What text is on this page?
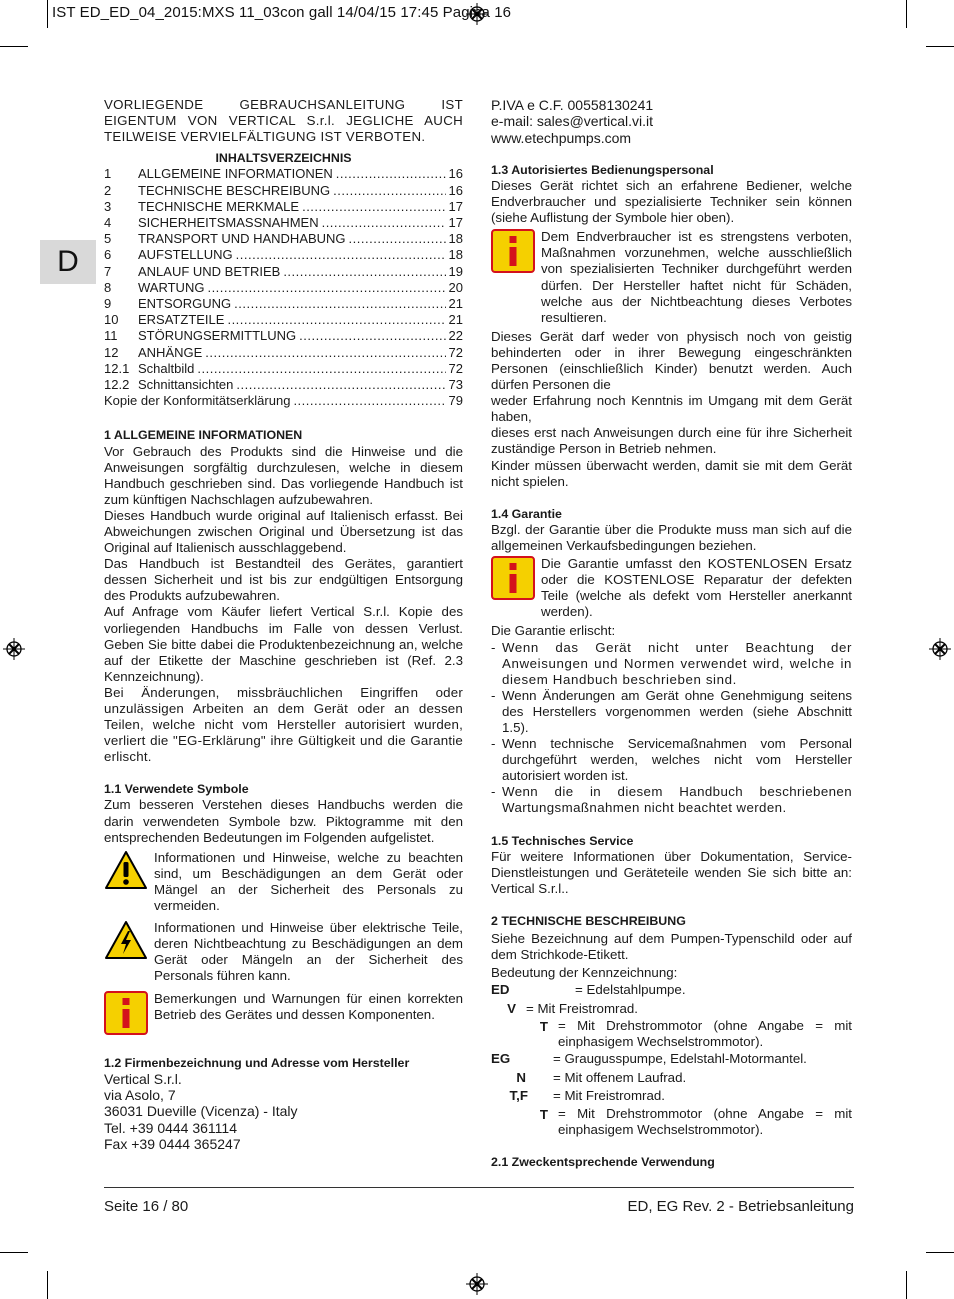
IST ED_ED_04_2015:MXS 11_03con gall 14/04/15 17:45 Pagina 16
D

VORLIEGENDE GEBRAUCHSANLEITUNG IST EIGENTUM VON VERTICAL S.r.l. JEGLICHE AUCH TEILWEISE VERVIELFÄLTIGUNG IST VERBOTEN.

INHALTSVERZEICHNIS

1	ALLGEMEINE INFORMATIONEN .....	16
2	TECHNISCHE BESCHREIBUNG .....	16
3	TECHNISCHE MERKMALE .....	17
4	SICHERHEITSMASSNAHMEN .....	17
5	TRANSPORT UND HANDHABUNG .....	18
6	AUFSTELLUNG .....	18
7	ANLAUF UND BETRIEB .....	19
8	WARTUNG .....	20
9	ENTSORGUNG .....	21
10	ERSATZTEILE .....	21
11	STÖRUNGSERMITTLUNG .....	22
12	ANHÄNGE .....	72
12.1 Schaltbild .....	72
12.2 Schnittansichten .....	73
Kopie der Konformitätserklärung .....	79

1 ALLGEMEINE INFORMATIONEN

Vor Gebrauch des Produkts sind die Hinweise und die Anweisungen sorgfältig durchzulesen, welche in diesem Handbuch geschrieben sind. Das vorliegende Handbuch ist zum künftigen Nachschlagen aufzubewahren.

Dieses Handbuch wurde original auf Italienisch erfasst. Bei Abweichungen zwischen Original und Übersetzung ist das Original auf Italienisch ausschlaggebend.

Das Handbuch ist Bestandteil des Gerätes, garantiert dessen Sicherheit und ist bis zur endgültigen Entsorgung des Produkts aufzubewahren.

Auf Anfrage vom Käufer liefert Vertical S.r.l. Kopie des vorliegenden Handbuchs im Falle von dessen Verlust. Geben Sie bitte dabei die Produktenbezeichnung an, welche auf der Etikette der Maschine geschrieben ist (Ref. 2.3 Kennzeichnung).

Bei Änderungen, missbräuchlichen Eingriffen oder unzulässigen Arbeiten an dem Gerät oder an dessen Teilen, welche nicht vom Hersteller autorisiert wurden, verliert die "EG-Erklärung" ihre Gültigkeit und die Garantie erlischt.

1.1 Verwendete Symbole

Zum besseren Verstehen dieses Handbuchs werden die darin verwendeten Symbole bzw. Piktogramme mit den entsprechenden Bedeutungen im Folgenden aufgelistet.

Informationen und Hinweise, welche zu beachten sind, um Beschädigungen an dem Gerät oder Mängel an der Sicherheit des Personals zu vermeiden.
Informationen und Hinweise über elektrische Teile, deren Nichtbeachtung zu Beschädigungen an dem Gerät oder Mängeln an der Sicherheit des Personals führen kann.
Bemerkungen und Warnungen für einen korrekten Betrieb des Gerätes und dessen Komponenten.

1.2 Firmenbezeichnung und Adresse vom Hersteller

Vertical S.r.l.

via Asolo, 7

36031 Dueville (Vicenza) - Italy

Tel. +39 0444 361114

Fax +39 0444 365247

P.IVA e C.F. 00558130241

e-mail: sales@vertical.vi.it

www.etechpumps.com

1.3 Autorisiertes Bedienungspersonal

Dieses Gerät richtet sich an erfahrene Bediener, welche Endverbraucher und spezialisierte Techniker sein können (siehe Auflistung der Symbole hier oben).

Dem Endverbraucher ist es strengstens verboten, Maßnahmen vorzunehmen, welche ausschließlich von spezialisierten Techniker durchgeführt werden dürfen. Der Hersteller haftet nicht für Schäden, welche aus der Nichtbeachtung dieses Verbotes resultieren.

Dieses Gerät darf weder von physisch noch von geistig behinderten oder in ihrer Bewegung eingeschränkten Personen (einschließlich Kinder) benutzt werden. Auch dürfen Personen die

weder Erfahrung noch Kenntnis im Umgang mit dem Gerät haben,

dieses erst nach Anweisungen durch eine für ihre Sicherheit zuständige Person in Betrieb nehmen.

Kinder müssen überwacht werden, damit sie mit dem Gerät nicht spielen.

1.4 Garantie

Bzgl. der Garantie über die Produkte muss man sich auf die allgemeinen Verkaufsbedingungen beziehen.

Die Garantie umfasst den KOSTENLOSEN Ersatz oder die KOSTENLOSE Reparatur der defekten Teile (welche als defekt vom Hersteller anerkannt werden).

Die Garantie erlischt:

- Wenn das Gerät nicht unter Beachtung der Anweisungen und Normen verwendet wird, welche in diesem Handbuch beschrieben sind.
- Wenn Änderungen am Gerät ohne Genehmigung seitens des Herstellers vorgenommen werden (siehe Abschnitt 1.5).
- Wenn technische Servicemaßnahmen vom Personal durchgeführt werden, welches nicht vom Hersteller autorisiert worden ist.
- Wenn die in diesem Handbuch beschriebenen Wartungsmaßnahmen nicht beachtet werden.

1.5 Technisches Service

Für weitere Informationen über Dokumentation, Service-Dienstleistungen und Geräteteile wenden Sie sich bitte an: Vertical S.r.l..

2 TECHNISCHE BESCHREIBUNG

Siehe Bezeichnung auf dem Pumpen-Typenschild oder auf dem Strichkode-Etikett.

Bedeutung der Kennzeichnung:

ED	= Edelstahlpumpe.
V = Mit Freistromrad.
T = Mit Drehstrommotor (ohne Angabe = mit einphasigem Wechselstrommotor).
EG	= Graugusspumpe, Edelstahl-Motormantel.
N	= Mit offenem Laufrad.
T,F	= Mit Freistromrad.
T = Mit Drehstrommotor (ohne Angabe = mit einphasigem Wechselstrommotor).

2.1 Zweckentsprechende Verwendung

Seite 16 / 80	ED, EG Rev. 2 - Betriebsanleitung
